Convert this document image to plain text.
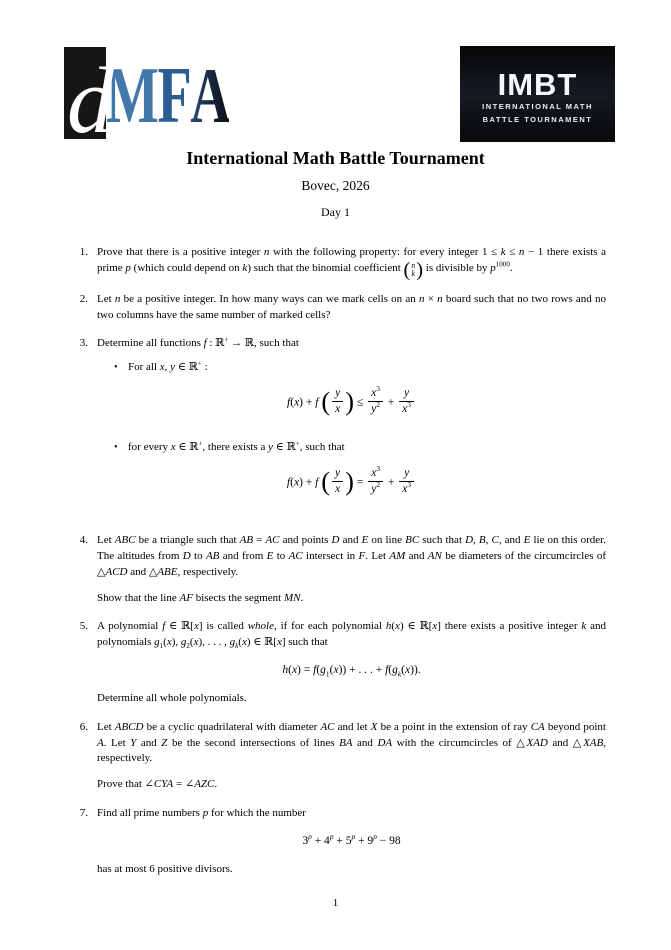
d
M F A	IMBT
INTERNATIONAL MATH
BATTLE TOURNAMENT
International Math Battle Tournament
Bovec, 2026
Day 1
1. Prove that there is a positive integer n with the following property: for every integer 1 ≤ k ≤ n − 1 there exists a prime p (which could depend on k) such that the binomial coefficient ( n
k ) is divisible by $p^{1000}$.

2. Let n be a positive integer. In how many ways can we mark cells on an n × n board such that no two rows and no two columns have the same number of marked cells?

3. Determine all functions f : ℝ+ → ℝ, such that

• For all x, y ∈ ℝ+ :

f(x) + f ( $\frac{y}{x}$ ) ≤ $\frac{x^3}{y^2} + \frac{y}{x^3}$
• for every x ∈ ℝ+, there exists a y ∈ ℝ+, such that

f(x) + f ( $\frac{y}{x}$ ) = $\frac{x^3}{y^2} + \frac{y}{x^3}$
4. Let ABC be a triangle such that AB = AC and points D and E on line BC such that D, B, C, and E lie on this order. The altitudes from D to AB and from E to AC intersect in F. Let AM and AN be diameters of the circumcircles of △ACD and △ABE, respectively.

Show that the line AF bisects the segment MN.

5. A polynomial f ∈ ℝ[x] is called whole, if for each polynomial h(x) ∈ ℝ[x] there exists a positive integer k and polynomials $g_1(x)$, $g_2(x)$, . . . , $g_k(x)$ ∈ ℝ[x] such that

$h(x) = f(g_1(x))$ + . . . + $f(g_k(x))$.

Determine all whole polynomials.

6. Let ABCD be a cyclic quadrilateral with diameter AC and let X be a point in the extension of ray CA beyond point A. Let Y and Z be the second intersections of lines BA and DA with the circumcircles of △XAD and △XAB, respectively.

Prove that ∠CYA = ∠AZC.

7. Find all prime numbers p for which the number

$3^p + 4^p + 5^p + 9^p - 98$

has at most 6 positive divisors.

1
